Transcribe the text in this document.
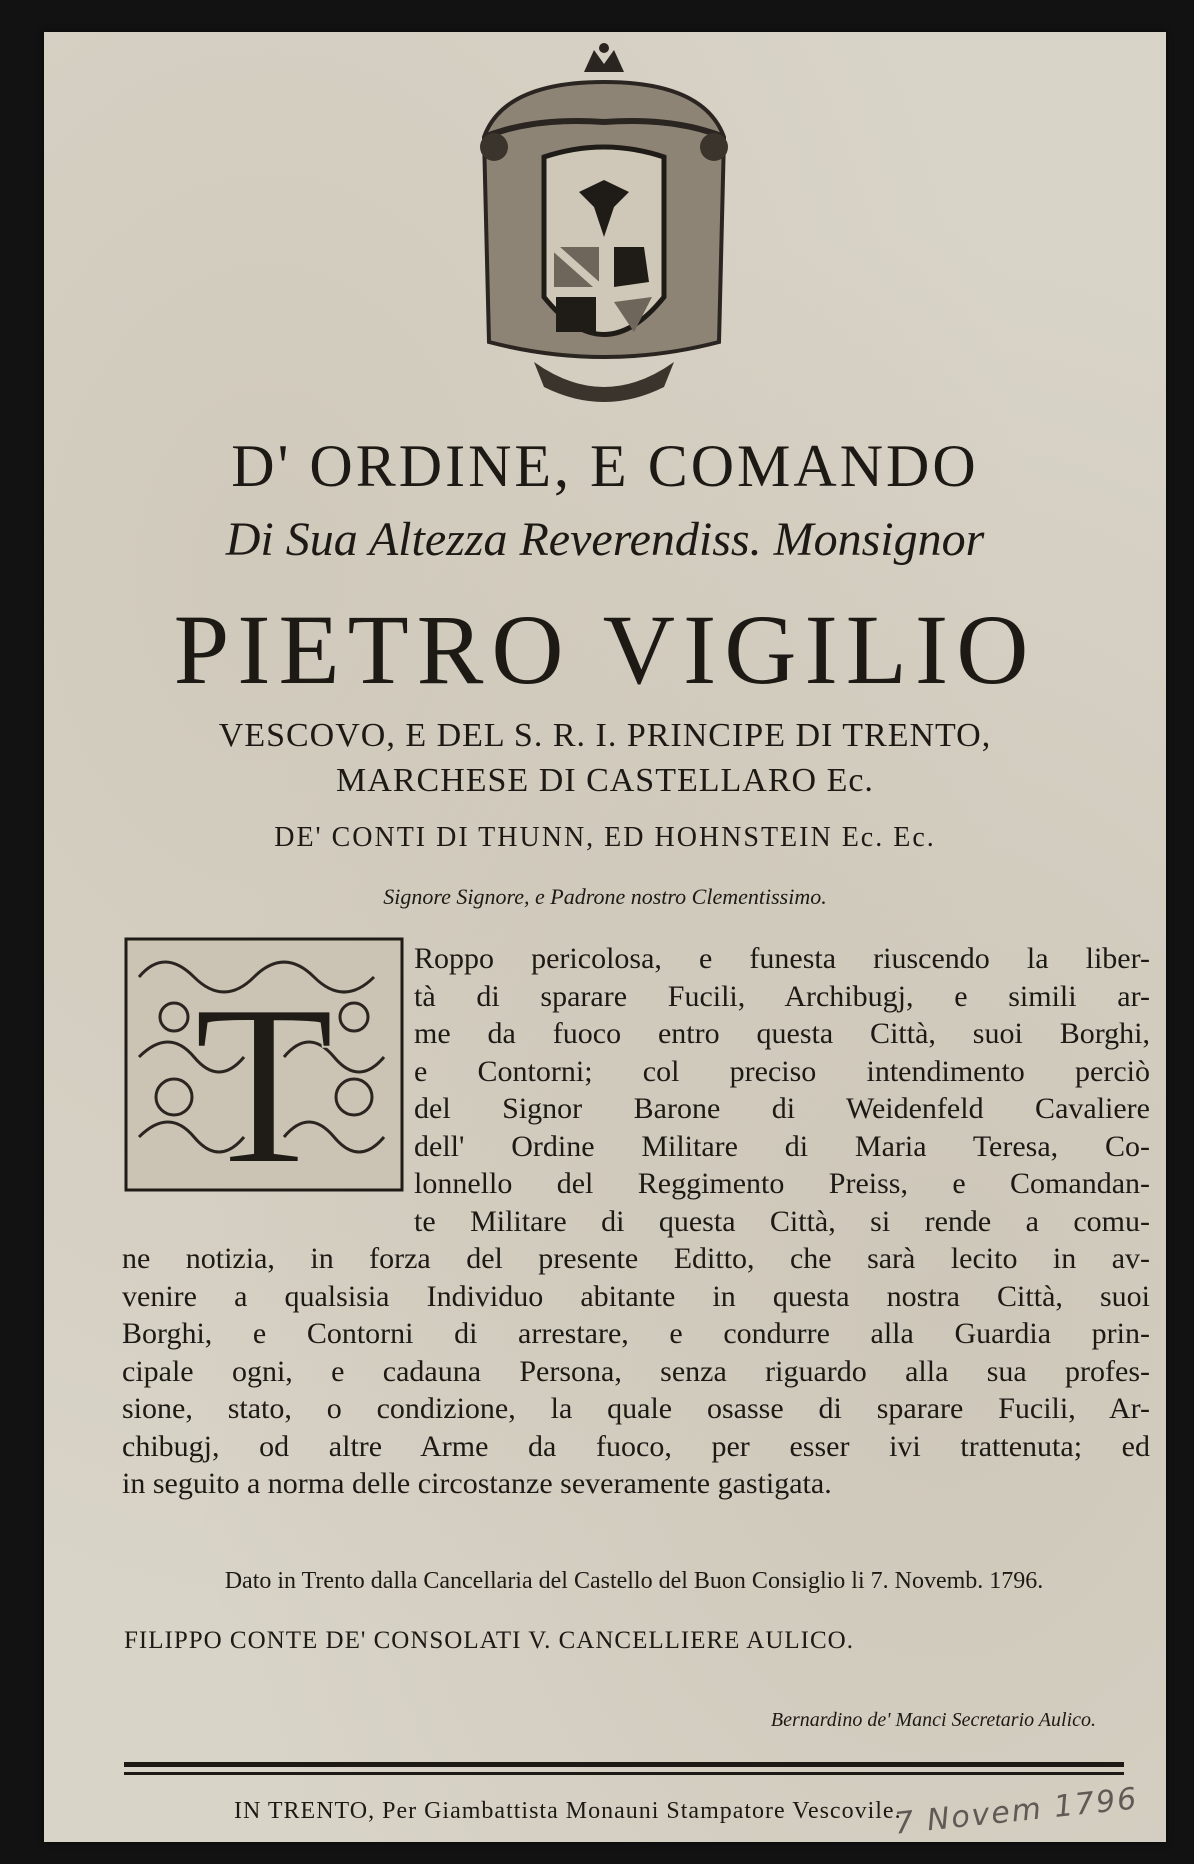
D' ORDINE, E COMANDO
Di Sua Altezza Reverendiss. Monsignor
PIETRO VIGILIO
VESCOVO, E DEL S. R. I. PRINCIPE DI TRENTO,
MARCHESE DI CASTELLARO Ec.
DE' CONTI DI THUNN, ED HOHNSTEIN Ec. Ec.
Signore Signore, e Padrone nostro Clementissimo.
T	Roppo pericolosa, e funesta riuscendo la liber-
tà di sparare Fucili, Archibugj, e simili ar-
me da fuoco entro questa Città, suoi Borghi,
e Contorni; col preciso intendimento perciò
del Signor Barone di Weidenfeld Cavaliere
dell' Ordine Militare di Maria Teresa, Co-
lonnello del Reggimento Preiss, e Comandan-
te Militare di questa Città, si rende a comu-
ne notizia, in forza del presente Editto, che sarà lecito in av-
venire a qualsisia Individuo abitante in questa nostra Città, suoi
Borghi, e Contorni di arrestare, e condurre alla Guardia prin-
cipale ogni, e cadauna Persona, senza riguardo alla sua profes-
sione, stato, o condizione, la quale osasse di sparare Fucili, Ar-
chibugj, od altre Arme da fuoco, per esser ivi trattenuta; ed
in seguito a norma delle circostanze severamente gastigata.
Dato in Trento dalla Cancellaria del Castello del Buon Consiglio li 7. Novemb. 1796.
FILIPPO CONTE DE' CONSOLATI V. CANCELLIERE AULICO.
Bernardino de' Manci Secretario Aulico.
IN TRENTO, Per Giambattista Monauni Stampatore Vescovile.
7 Novem 1796
